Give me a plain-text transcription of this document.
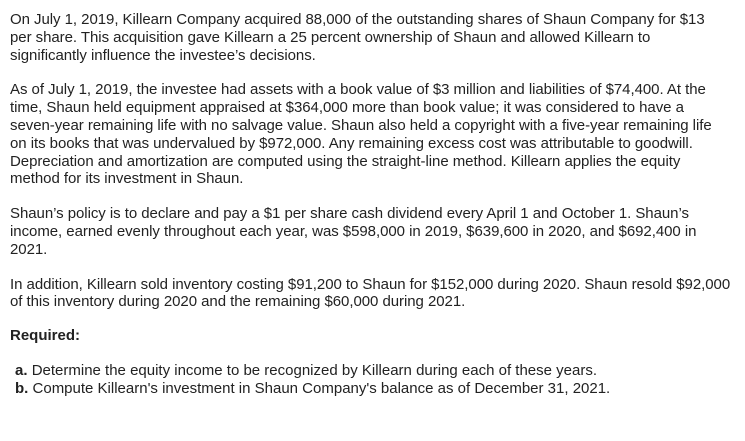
On July 1, 2019, Killearn Company acquired 88,000 of the outstanding shares of Shaun Company for $13 per share. This acquisition gave Killearn a 25 percent ownership of Shaun and allowed Killearn to significantly influence the investee’s decisions.

As of July 1, 2019, the investee had assets with a book value of $3 million and liabilities of $74,400. At the time, Shaun held equipment appraised at $364,000 more than book value; it was considered to have a seven-year remaining life with no salvage value. Shaun also held a copyright with a five-year remaining life on its books that was undervalued by $972,000. Any remaining excess cost was attributable to goodwill. Depreciation and amortization are computed using the straight-line method. Killearn applies the equity method for its investment in Shaun.

Shaun’s policy is to declare and pay a $1 per share cash dividend every April 1 and October 1. Shaun’s income, earned evenly throughout each year, was $598,000 in 2019, $639,600 in 2020, and $692,400 in 2021.

In addition, Killearn sold inventory costing $91,200 to Shaun for $152,000 during 2020. Shaun resold $92,000 of this inventory during 2020 and the remaining $60,000 during 2021.

Required:

a. Determine the equity income to be recognized by Killearn during each of these years.
b. Compute Killearn's investment in Shaun Company's balance as of December 31, 2021.
